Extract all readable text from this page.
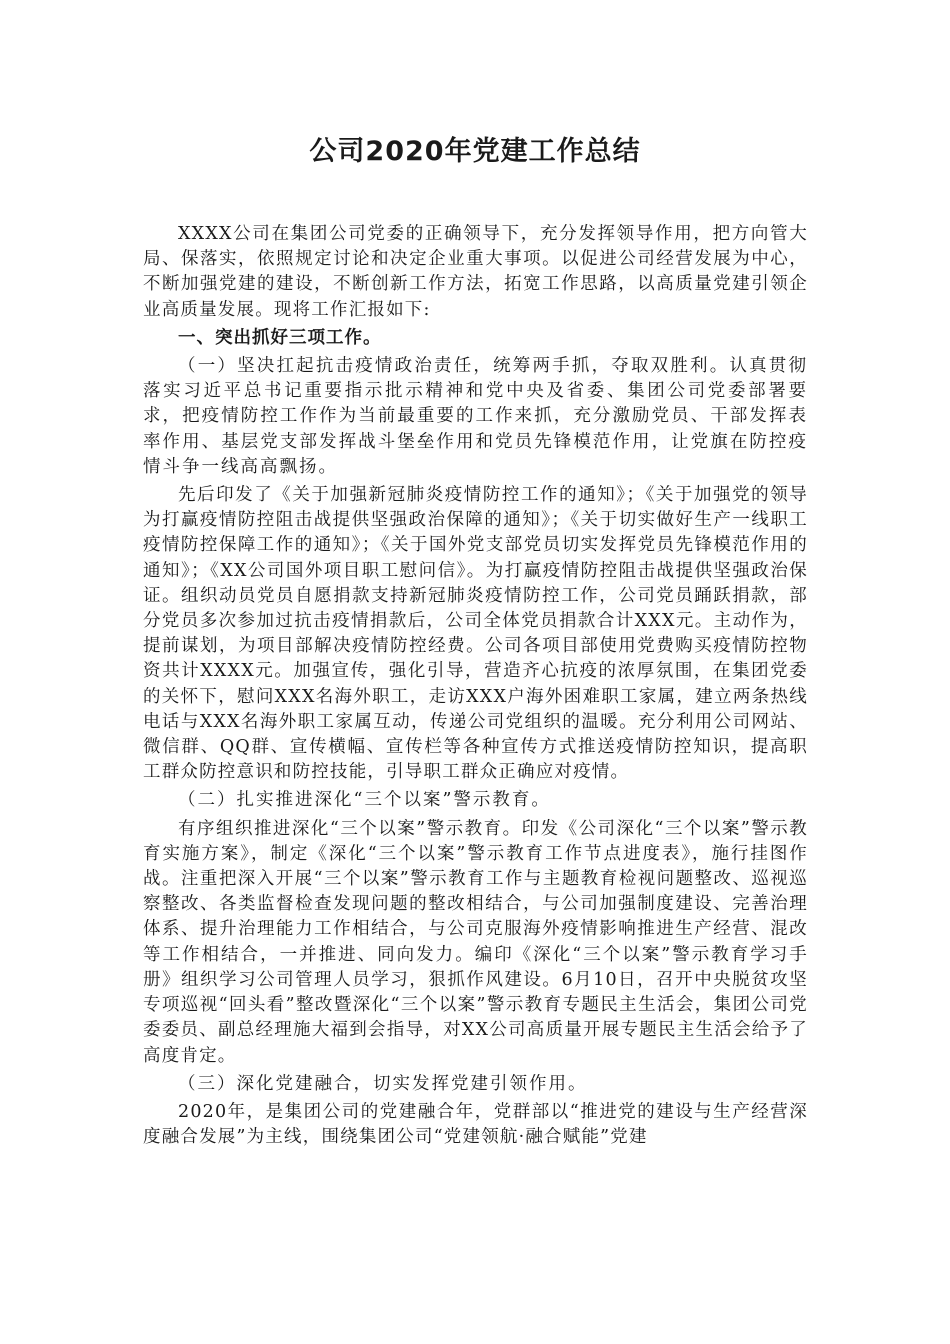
公司2020年党建工作总结

XXXX公司在集团公司党委的正确领导下，充分发挥领导作用，把方向管大局、保落实，依照规定讨论和决定企业重大事项。以促进公司经营发展为中心，不断加强党建的建设，不断创新工作方法，拓宽工作思路，以高质量党建引领企业高质量发展。现将工作汇报如下:

一、突出抓好三项工作。

（一）坚决扛起抗击疫情政治责任，统筹两手抓，夺取双胜利。认真贯彻落实习近平总书记重要指示批示精神和党中央及省委、集团公司党委部署要求，把疫情防控工作作为当前最重要的工作来抓，充分激励党员、干部发挥表率作用、基层党支部发挥战斗堡垒作用和党员先锋模范作用，让党旗在防控疫情斗争一线高高飘扬。

先后印发了《关于加强新冠肺炎疫情防控工作的通知》；《关于加强党的领导为打赢疫情防控阻击战提供坚强政治保障的通知》；《关于切实做好生产一线职工疫情防控保障工作的通知》；《关于国外党支部党员切实发挥党员先锋模范作用的通知》；《XX公司国外项目职工慰问信》。为打赢疫情防控阻击战提供坚强政治保证。组织动员党员自愿捐款支持新冠肺炎疫情防控工作，公司党员踊跃捐款，部分党员多次参加过抗击疫情捐款后，公司全体党员捐款合计XXX元。主动作为，提前谋划，为项目部解决疫情防控经费。公司各项目部使用党费购买疫情防控物资共计XXXX元。加强宣传，强化引导，营造齐心抗疫的浓厚氛围，在集团党委的关怀下，慰问XXX名海外职工，走访XXX户海外困难职工家属，建立两条热线电话与XXX名海外职工家属互动，传递公司党组织的温暖。充分利用公司网站、微信群、QQ群、宣传横幅、宣传栏等各种宣传方式推送疫情防控知识，提高职工群众防控意识和防控技能，引导职工群众正确应对疫情。

（二）扎实推进深化“三个以案”警示教育。

有序组织推进深化“三个以案”警示教育。印发《公司深化“三个以案”警示教育实施方案》，制定《深化“三个以案”警示教育工作节点进度表》，施行挂图作战。注重把深入开展“三个以案”警示教育工作与主题教育检视问题整改、巡视巡察整改、各类监督检查发现问题的整改相结合，与公司加强制度建设、完善治理体系、提升治理能力工作相结合，与公司克服海外疫情影响推进生产经营、混改等工作相结合，一并推进、同向发力。编印《深化“三个以案”警示教育学习手册》组织学习公司管理人员学习，狠抓作风建设。6月10日，召开中央脱贫攻坚专项巡视“回头看”整改暨深化“三个以案”警示教育专题民主生活会，集团公司党委委员、副总经理施大福到会指导，对XX公司高质量开展专题民主生活会给予了高度肯定。

（三）深化党建融合，切实发挥党建引领作用。

2020年，是集团公司的党建融合年，党群部以“推进党的建设与生产经营深度融合发展”为主线，围绕集团公司“党建领航·融合赋能”党建
